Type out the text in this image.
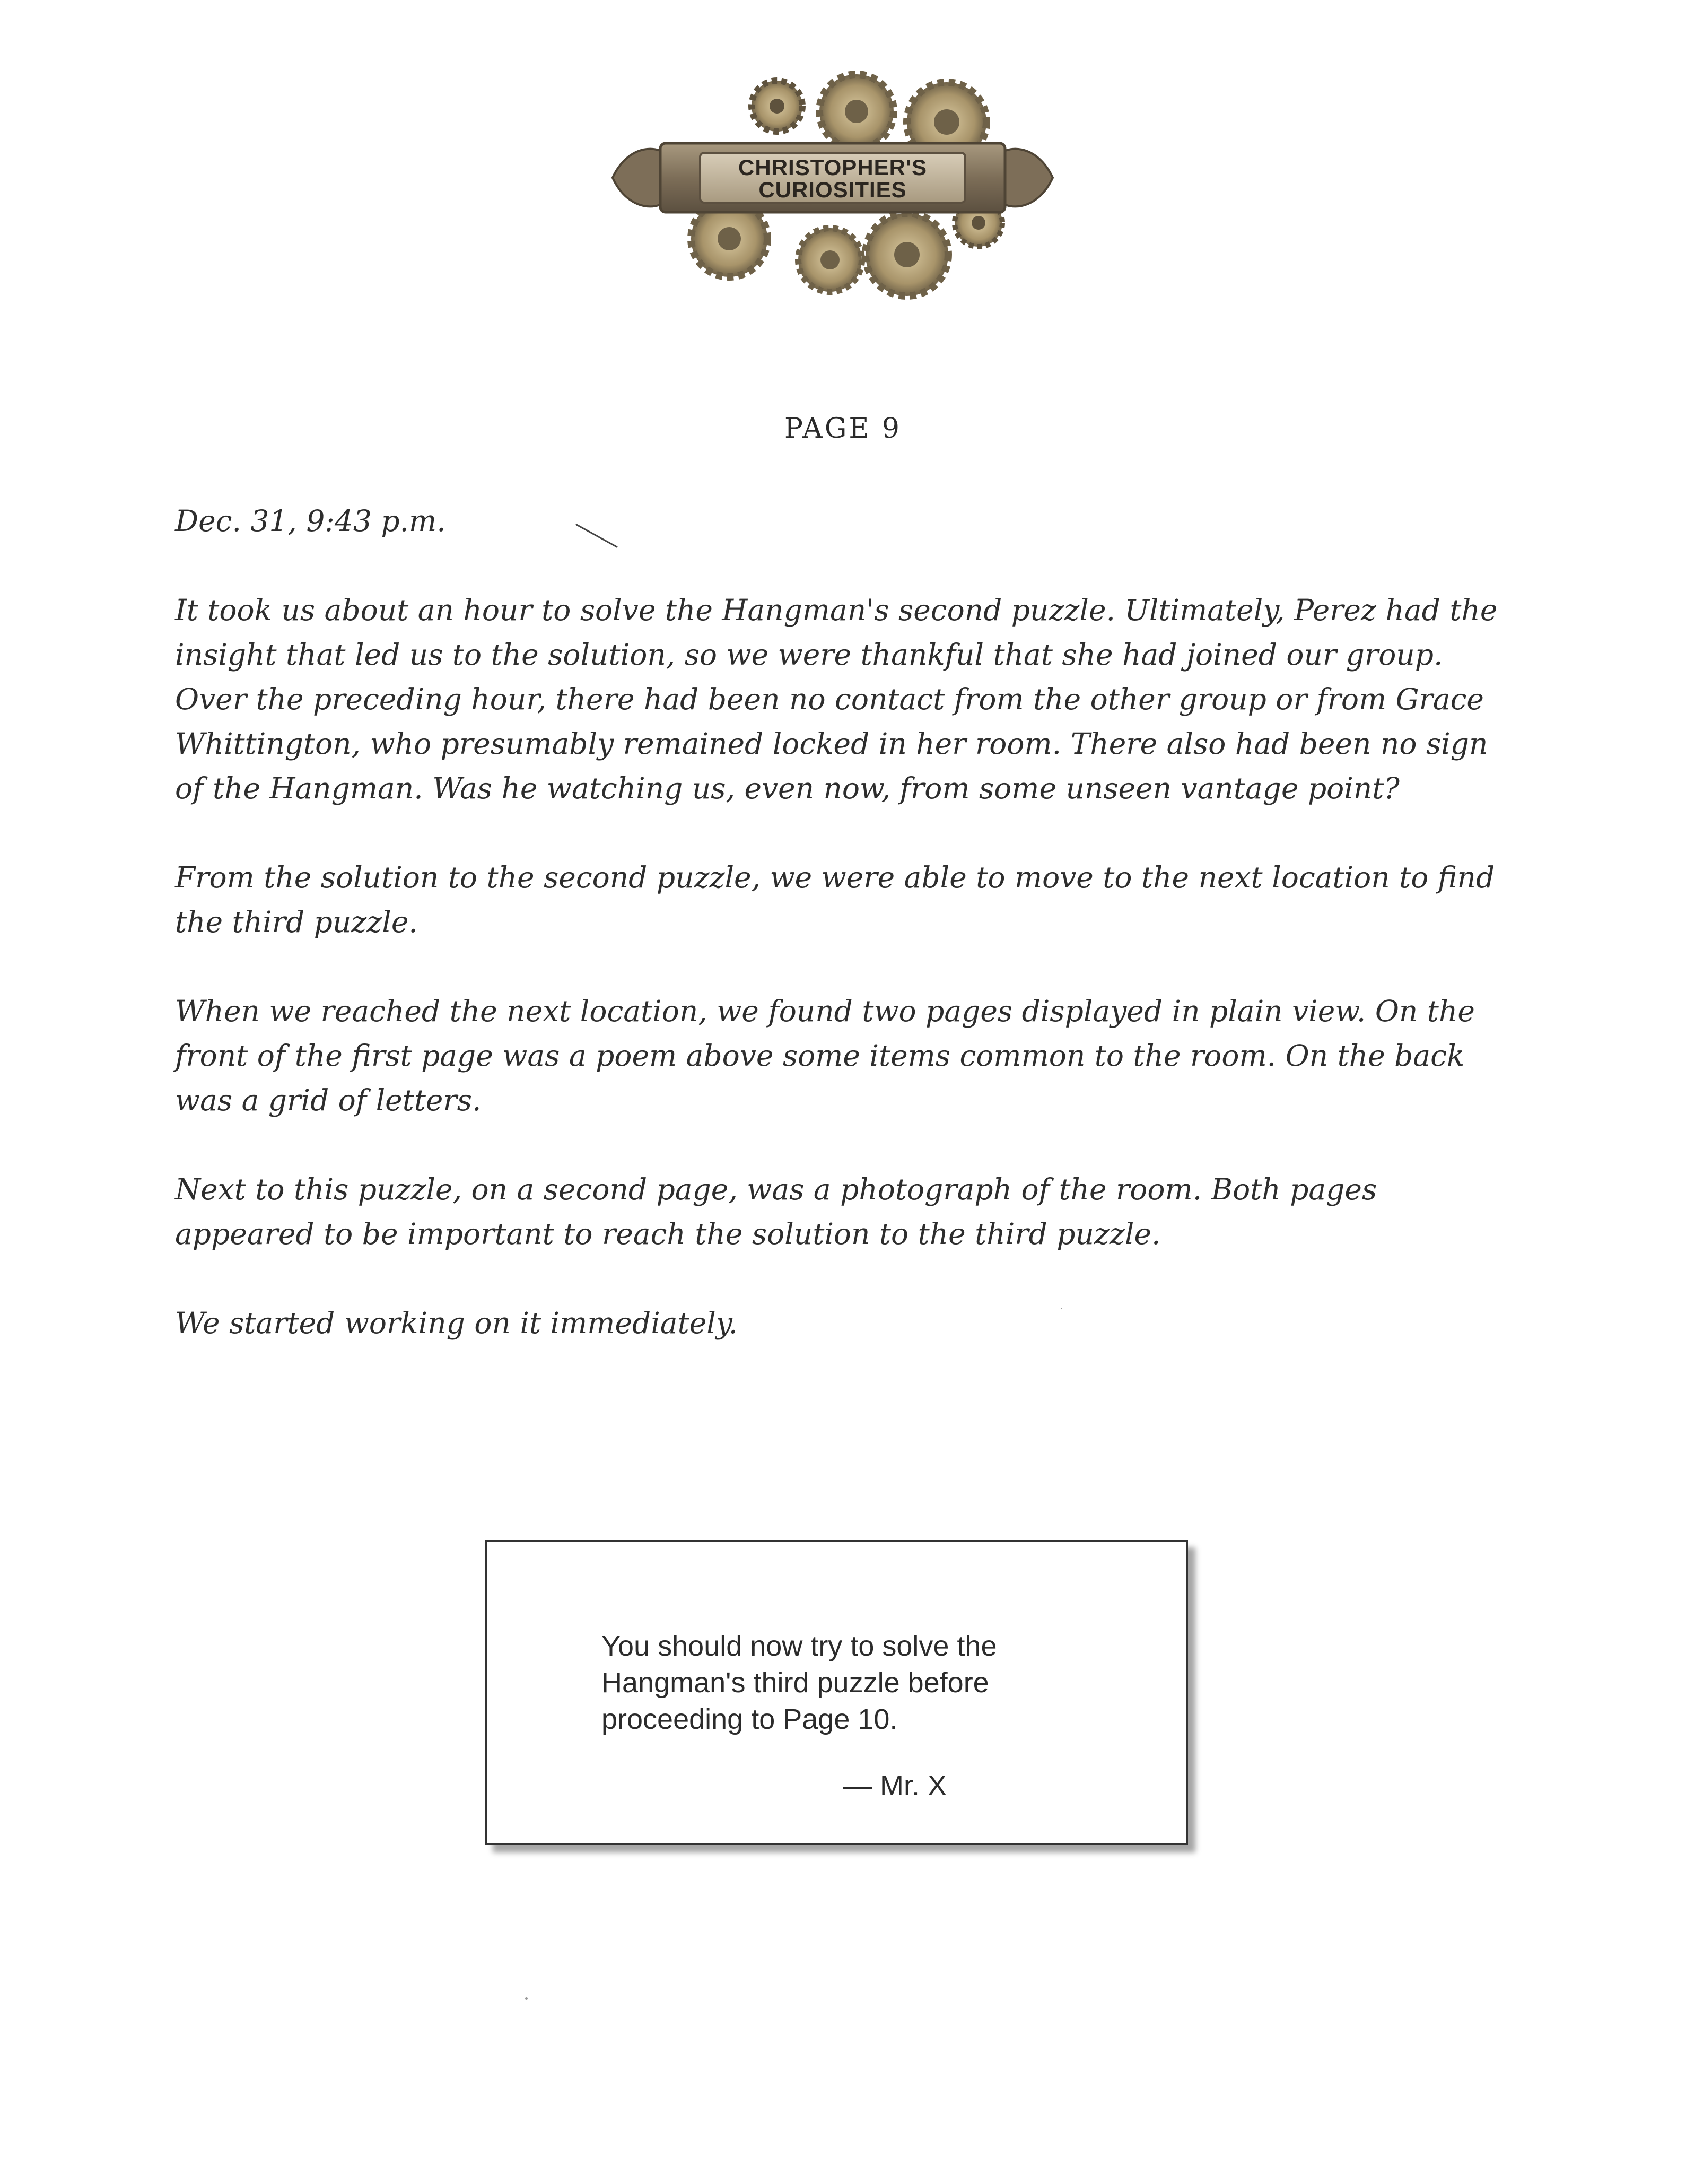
CHRISTOPHER'S
CURIOSITIES
PAGE 9

Dec. 31, 9:43 p.m.

It took us about an hour to solve the Hangman's second puzzle. Ultimately, Perez had the insight that led us to the solution, so we were thankful that she had joined our group. Over the preceding hour, there had been no contact from the other group or from Grace Whittington, who presumably remained locked in her room. There also had been no sign of the Hangman. Was he watching us, even now, from some unseen vantage point?

From the solution to the second puzzle, we were able to move to the next location to find the third puzzle.

When we reached the next location, we found two pages displayed in plain view. On the front of the first page was a poem above some items common to the room. On the back was a grid of letters.

Next to this puzzle, on a second page, was a photograph of the room. Both pages appeared to be important to reach the solution to the third puzzle.

We started working on it immediately.

You should now try to solve the
Hangman's third puzzle before
proceeding to Page 10.
— Mr. X
